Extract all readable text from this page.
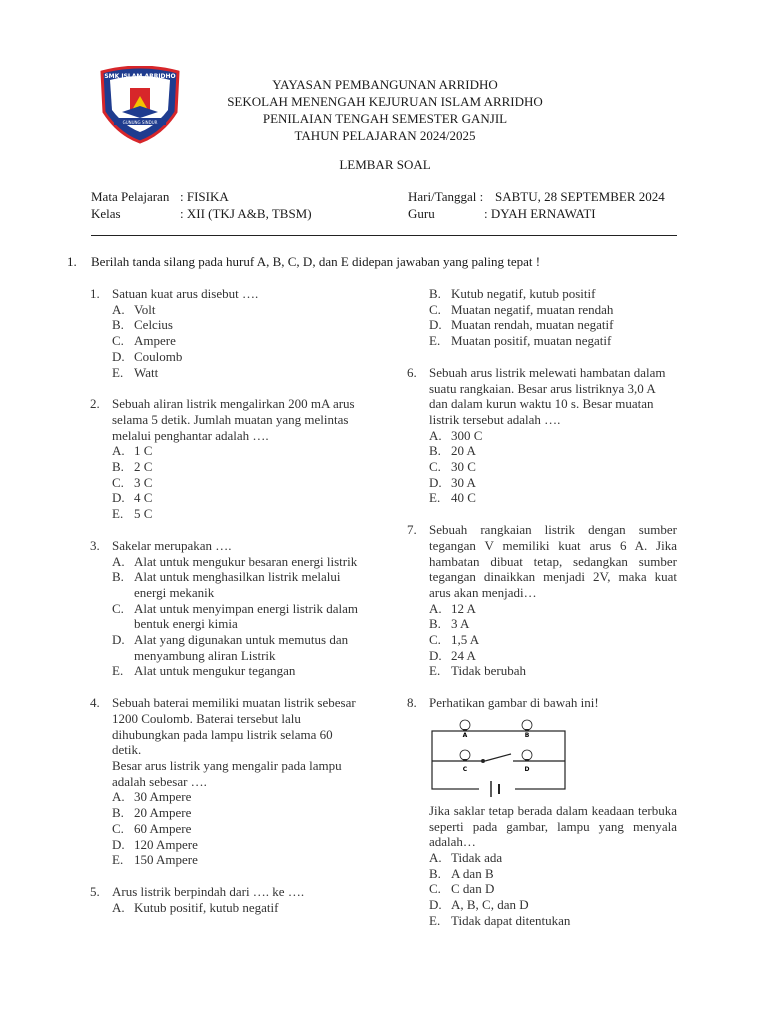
SMK ISLAM ARRIDHO
GUNUNG SINDUR
YAYASAN PEMBANGUNAN ARRIDHO
SEKOLAH MENENGAH KEJURUAN ISLAM ARRIDHO
PENILAIAN TENGAH SEMESTER GANJIL
TAHUN PELAJARAN 2024/2025
LEMBAR SOAL
Mata Pelajaran : FISIKA
Kelas	: XII (TKJ A&B, TBSM)
Hari/Tanggal : SABTU, 28 SEPTEMBER 2024
Guru	: DYAH ERNAWATI
1. Berilah tanda silang pada huruf A, B, C, D, dan E didepan jawaban yang paling tepat !
1. Satuan kuat arus disebut ….
A. Volt
B. Celcius
C. Ampere
D. Coulomb
E. Watt
2. Sebuah aliran listrik mengalirkan 200 mA arus selama 5 detik. Jumlah muatan yang melintas melalui penghantar adalah ….
A. 1 C
B. 2 C
C. 3 C
D. 4 C
E. 5 C
3. Sakelar merupakan ….
A. Alat untuk mengukur besaran energi listrik
B. Alat untuk menghasilkan listrik melalui energi mekanik
C. Alat untuk menyimpan energi listrik dalam bentuk energi kimia
D. Alat yang digunakan untuk memutus dan menyambung aliran Listrik
E. Alat untuk mengukur tegangan
4. Sebuah baterai memiliki muatan listrik sebesar 1200 Coulomb. Baterai tersebut lalu dihubungkan pada lampu listrik selama 60 detik.
Besar arus listrik yang mengalir pada lampu adalah sebesar ….
A. 30 Ampere
B. 20 Ampere
C. 60 Ampere
D. 120 Ampere
E. 150 Ampere
5. Arus listrik berpindah dari …. ke ….
A. Kutub positif, kutub negatif
B. Kutub negatif, kutub positif
C. Muatan negatif, muatan rendah
D. Muatan rendah, muatan negatif
E. Muatan positif, muatan negatif
6. Sebuah arus listrik melewati hambatan dalam suatu rangkaian. Besar arus listriknya 3,0 A dan dalam kurun waktu 10 s. Besar muatan listrik tersebut adalah ….
A. 300 C
B. 20 A
C. 30 C
D. 30 A
E. 40 C
7. Sebuah rangkaian listrik dengan sumber tegangan V memiliki kuat arus 6 A. Jika hambatan dibuat tetap, sedangkan sumber tegangan dinaikkan menjadi 2V, maka kuat arus akan menjadi…
A. 12 A
B. 3 A
C. 1,5 A
D. 24 A
E. Tidak berubah
8. Perhatikan gambar di bawah ini!
A	B
C	D
Jika saklar tetap berada dalam keadaan terbuka seperti pada gambar, lampu yang menyala adalah…
A. Tidak ada
B. A dan B
C. C dan D
D. A, B, C, dan D
E. Tidak dapat ditentukan
